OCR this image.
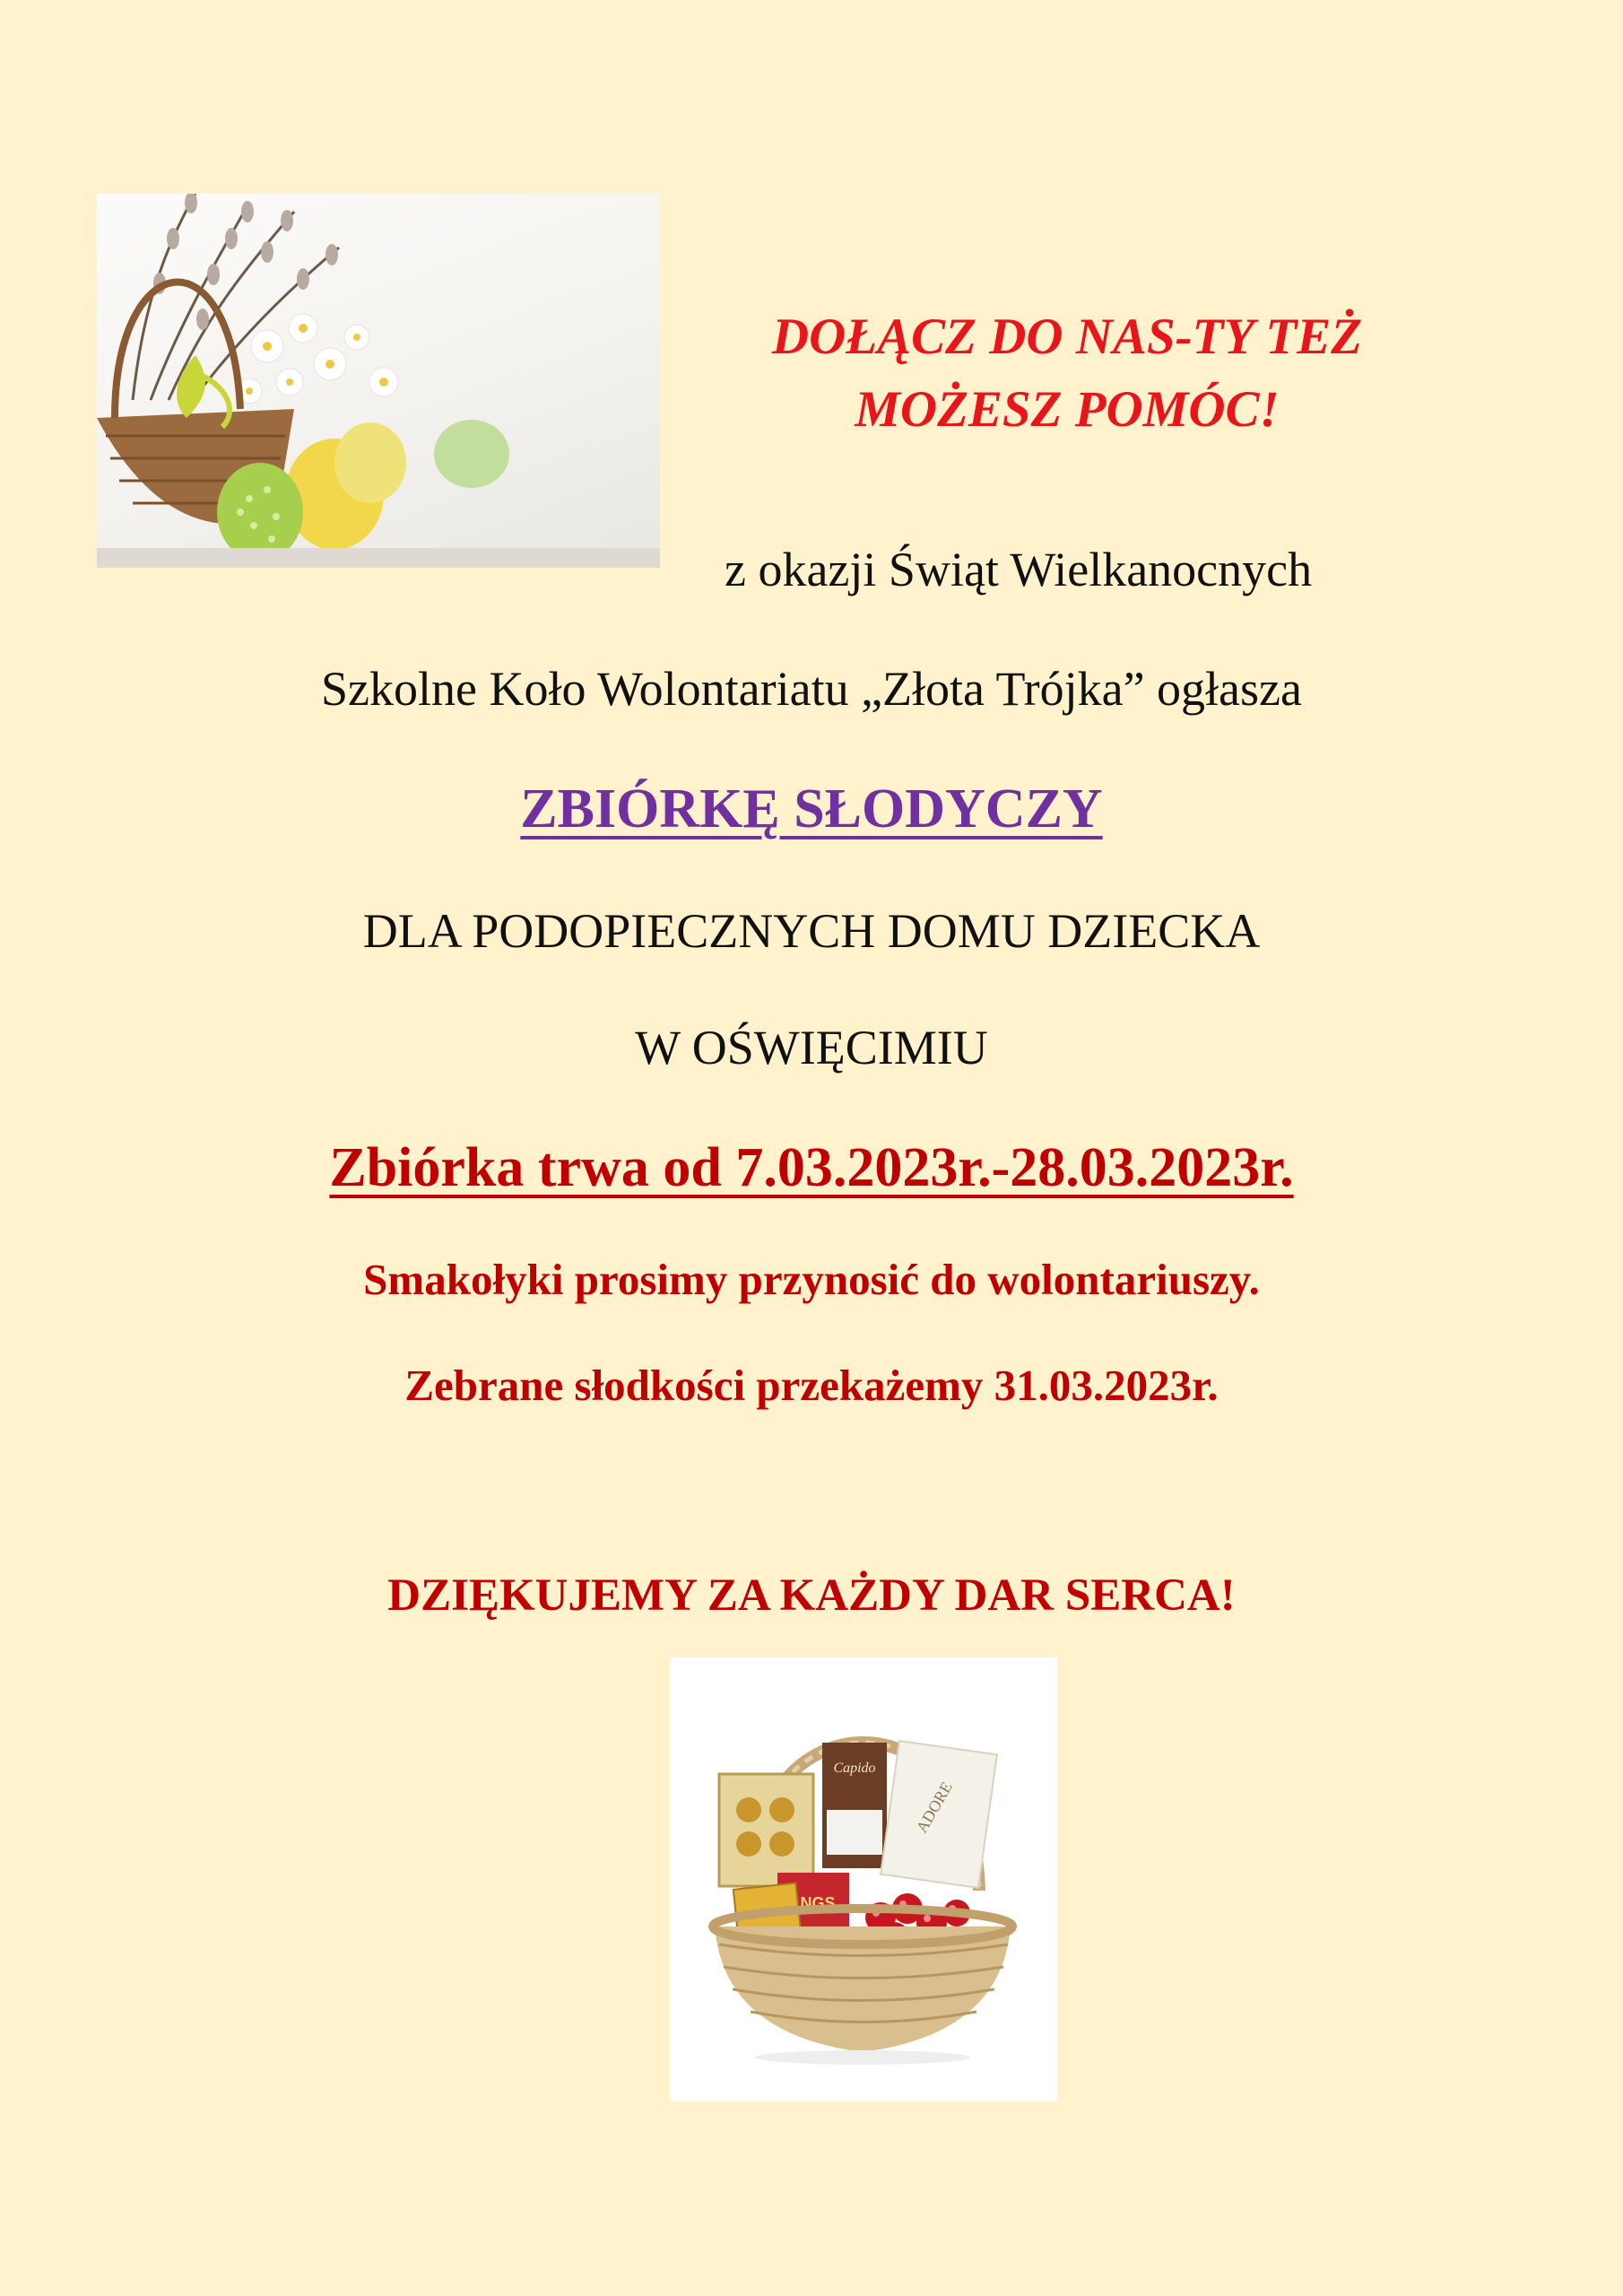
DOŁĄCZ DO NAS-TY TEŻ
MOŻESZ POMÓC!
z okazji Świąt Wielkanocnych
Szkolne Koło Wolontariatu „Złota Trójka” ogłasza
ZBIÓRKĘ SŁODYCZY
DLA PODOPIECZNYCH DOMU DZIECKA
W OŚWIĘCIMIU
Zbiórka trwa od 7.03.2023r.-28.03.2023r.
Smakołyki prosimy przynosić do wolontariuszy.
Zebrane słodkości przekażemy 31.03.2023r.
DZIĘKUJEMY ZA KAŻDY DAR SERCA!
Capido
ADORE
NGS
